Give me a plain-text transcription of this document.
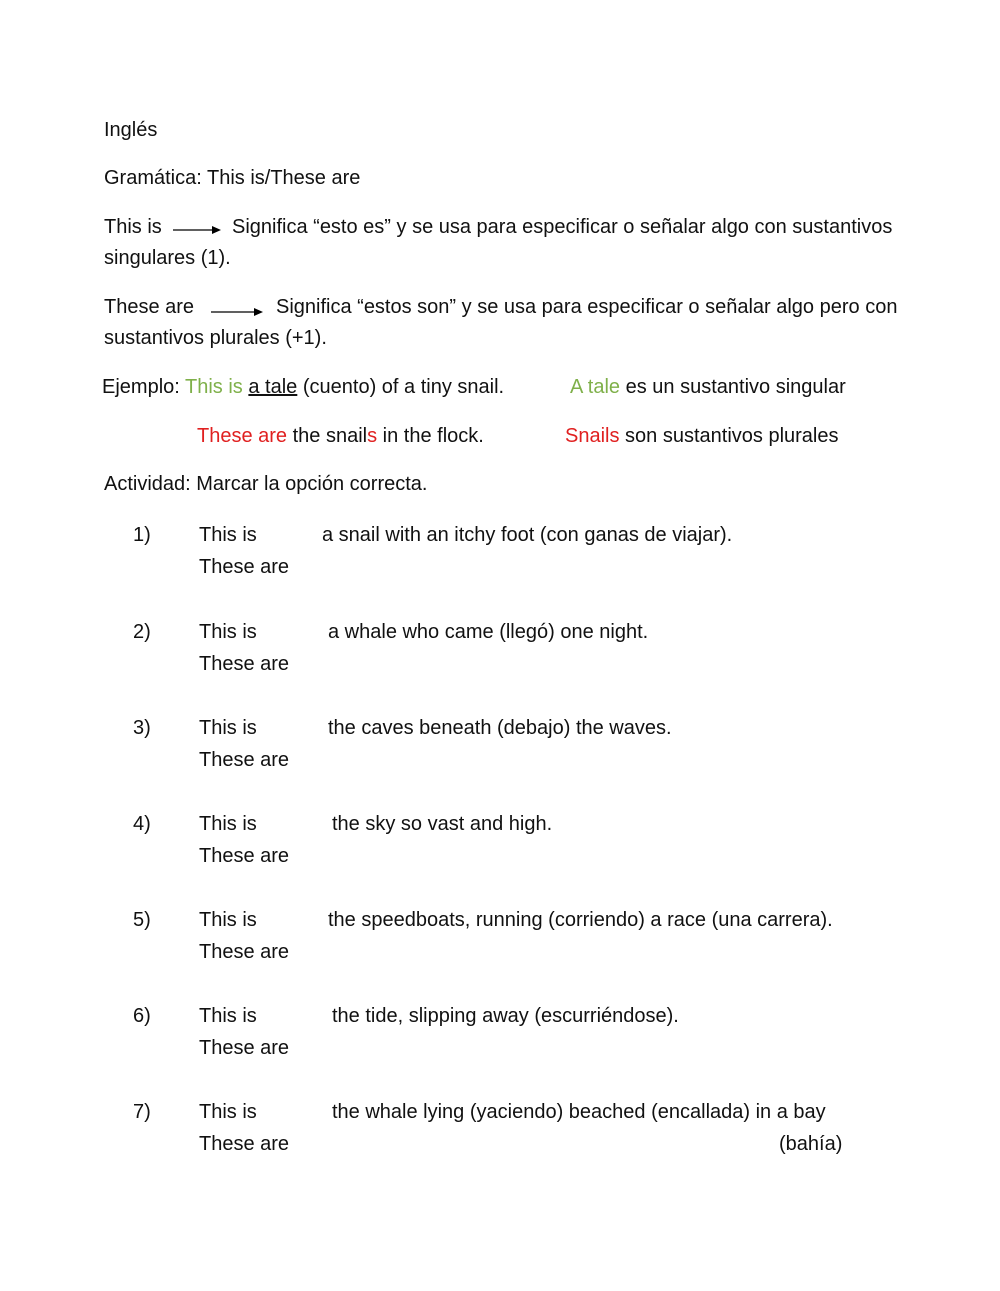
Inglés
Gramática: This is/These are
This is	Significa “esto es” y se usa para especificar o señalar algo con sustantivos
singulares (1).
These are	Significa “estos son” y se usa para especificar o señalar algo pero con
sustantivos plurales (+1).
Ejemplo: This is a tale (cuento) of a tiny snail.	A tale es un sustantivo singular
These are the snails in the flock.	Snails son sustantivos plurales
Actividad: Marcar la opción correcta.
1) This is
These are
a snail with an itchy foot (con ganas de viajar).
2) This is
These are
a whale who came (llegó) one night.
3) This is
These are
the caves beneath (debajo) the waves.
4) This is
These are
the sky so vast and high.
5) This is
These are
the speedboats, running (corriendo) a race (una carrera).
6) This is
These are
the tide, slipping away (escurriéndose).
7) This is
These are
the whale lying (yaciendo) beached (encallada) in a bay
(bahía)
